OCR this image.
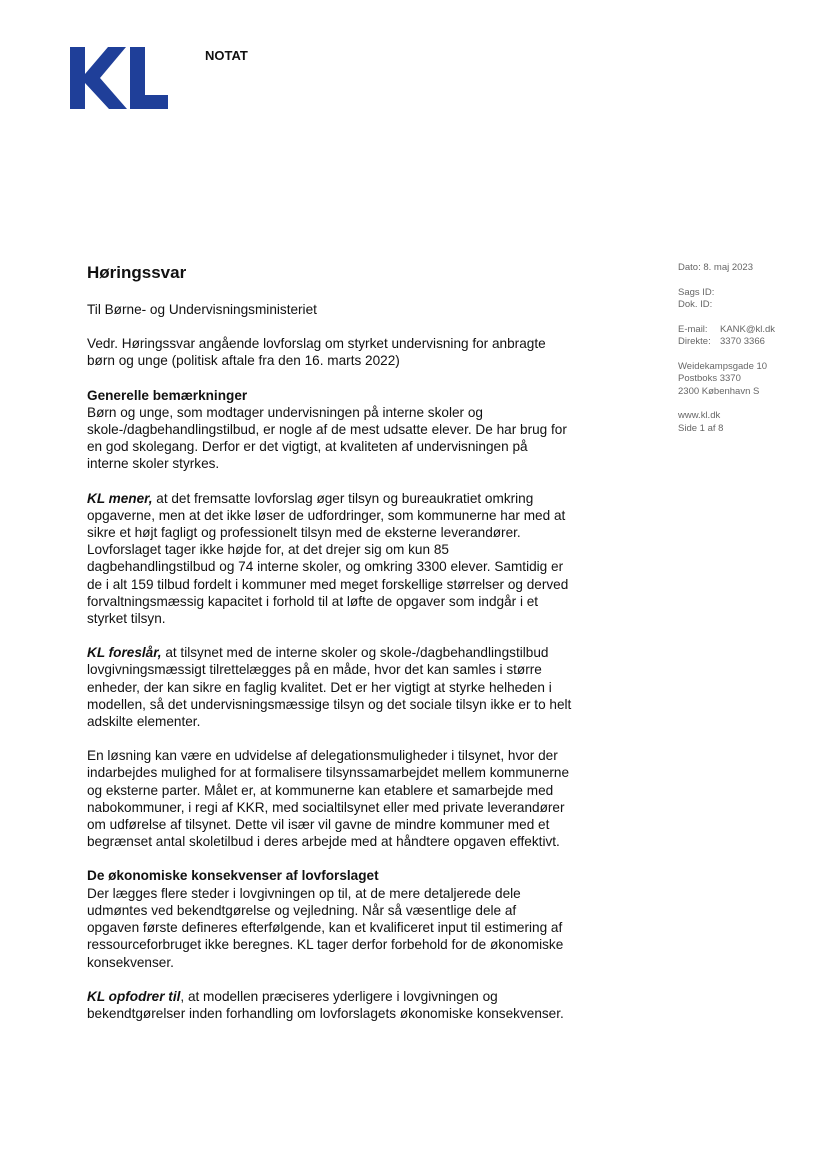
NOTAT
Dato: 8. maj 2023
Sags ID:
Dok. ID:
E-mail: KANK@kl.dk
Direkte: 3370 3366
Weidekampsgade 10
Postboks 3370
2300 København S
www.kl.dk
Side 1 af 8
Høringssvar

Til Børne- og Undervisningsministeriet

Vedr. Høringssvar angående lovforslag om styrket undervisning for anbragte børn og unge (politisk aftale fra den 16. marts 2022)

Generelle bemærkninger
Børn og unge, som modtager undervisningen på interne skoler og skole-/dagbehandlingstilbud, er nogle af de mest udsatte elever. De har brug for en god skolegang. Derfor er det vigtigt, at kvaliteten af undervisningen på interne skoler styrkes.

KL mener, at det fremsatte lovforslag øger tilsyn og bureaukratiet omkring opgaverne, men at det ikke løser de udfordringer, som kommunerne har med at sikre et højt fagligt og professionelt tilsyn med de eksterne leverandører. Lovforslaget tager ikke højde for, at det drejer sig om kun 85 dagbehandlingstilbud og 74 interne skoler, og omkring 3300 elever. Samtidig er de i alt 159 tilbud fordelt i kommuner med meget forskellige størrelser og derved forvaltningsmæssig kapacitet i forhold til at løfte de opgaver som indgår i et styrket tilsyn.

KL foreslår, at tilsynet med de interne skoler og skole-/dagbehandlingstilbud lovgivningsmæssigt tilrettelægges på en måde, hvor det kan samles i større enheder, der kan sikre en faglig kvalitet. Det er her vigtigt at styrke helheden i modellen, så det undervisningsmæssige tilsyn og det sociale tilsyn ikke er to helt adskilte elementer.

En løsning kan være en udvidelse af delegationsmuligheder i tilsynet, hvor der indarbejdes mulighed for at formalisere tilsynssamarbejdet mellem kommunerne og eksterne parter. Målet er, at kommunerne kan etablere et samarbejde med nabokommuner, i regi af KKR, med socialtilsynet eller med private leverandører om udførelse af tilsynet. Dette vil især vil gavne de mindre kommuner med et begrænset antal skoletilbud i deres arbejde med at håndtere opgaven effektivt.

De økonomiske konsekvenser af lovforslaget
Der lægges flere steder i lovgivningen op til, at de mere detaljerede dele udmøntes ved bekendtgørelse og vejledning. Når så væsentlige dele af opgaven første defineres efterfølgende, kan et kvalificeret input til estimering af ressourceforbruget ikke beregnes. KL tager derfor forbehold for de økonomiske konsekvenser.

KL opfodrer til, at modellen præciseres yderligere i lovgivningen og bekendtgørelser inden forhandling om lovforslagets økonomiske konsekvenser.
